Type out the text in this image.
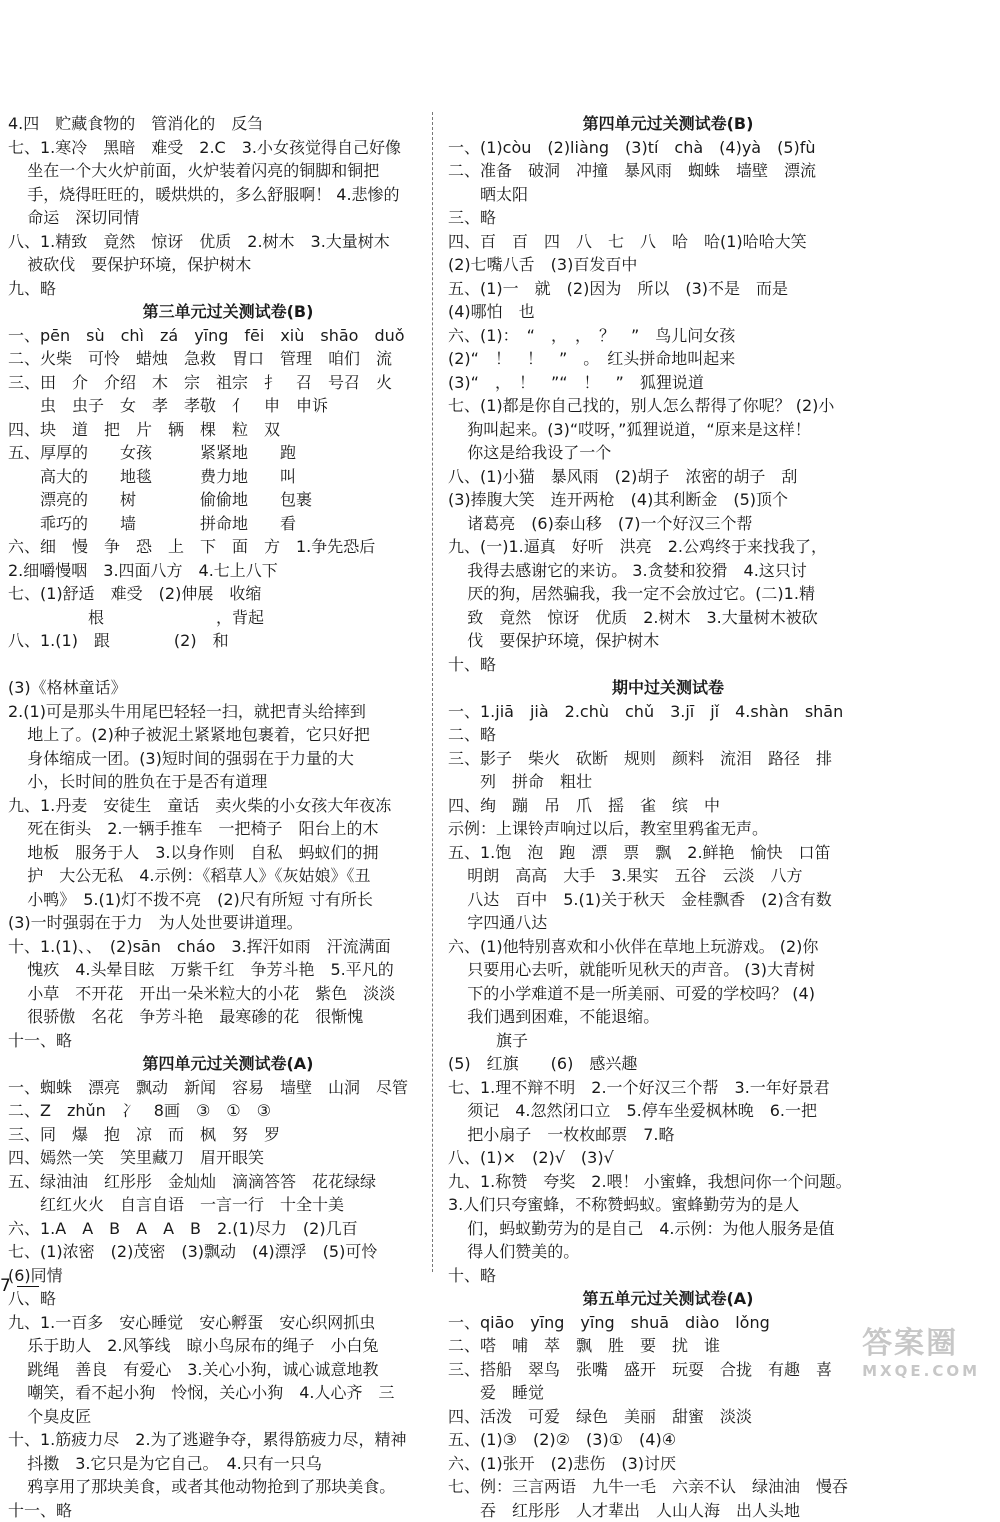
4.四　贮藏食物的　管消化的　反刍
七、1.寒冷　黑暗　难受　2.C　3.小女孩觉得自己好像
坐在一个大火炉前面，火炉装着闪亮的铜脚和铜把
手，烧得旺旺的，暖烘烘的，多么舒服啊！ 4.悲惨的
命运　深切同情
八、1.精致　竟然　惊讶　优质　2.树木　3.大量树木
被砍伐　要保护环境，保护树木
九、略
第三单元过关测试卷(B)
一、pēn　sù　chì　zá　yīng　fēi　xiù　shāo　duǒ
二、火柴　可怜　蜡烛　急救　胃口　管理　咱们　流
三、田　介　介绍　木　宗　祖宗　扌　召　号召　火
　　虫　虫子　女　孝　孝敬　亻　申　申诉
四、块　道　把　片　辆　棵　粒　双
五、厚厚的　　女孩　　　紧紧地　　跑
　　高大的　　地毯　　　费力地　　叫
　　漂亮的　　树　　　　偷偷地　　包裹
　　乖巧的　　墙　　　　拼命地　　看
六、细　慢　争　恐　上　下　面　方　1.争先恐后
2.细嚼慢咽　3.四面八方　4.七上八下
七、(1)舒适　难受　(2)伸展　收缩
　　　　　根　　　　　　　，背起
八、1.(1)　跟　　　　(2)　和
(3)《格林童话》
2.(1)可是那头牛用尾巴轻轻一扫，就把青头给摔到
地上了。(2)种子被泥土紧紧地包裹着，它只好把
身体缩成一团。(3)短时间的强弱在于力量的大
小，长时间的胜负在于是否有道理
九、1.丹麦　安徒生　童话　卖火柴的小女孩大年夜冻
死在街头　2.一辆手推车　一把椅子　阳台上的木
地板　服务于人　3.以身作则　自私　蚂蚁们的拥
护　大公无私　4.示例：《稻草人》《灰姑娘》《丑
小鸭》　5.(1)灯不拨不亮　(2)尺有所短 寸有所长
(3)一时强弱在于力　为人处世要讲道理。
十、1.(1)、、　(2)sān　cháo　3.挥汗如雨　汗流满面
愧疚　4.头晕目眩　万紫千红　争芳斗艳　5.平凡的
小草　不开花　开出一朵米粒大的小花　紫色　淡淡
很骄傲　名花　争芳斗艳　最寒碜的花　很惭愧
十一、略
第四单元过关测试卷(A)
一、蜘蛛　漂亮　飘动　新闻　容易　墙壁　山洞　尽管
二、Z　zhǔn　冫　8画　③　①　③
三、同　爆　抱　凉　而　枫　努　罗
四、嫣然一笑　笑里藏刀　眉开眼笑
五、绿油油　红彤彤　金灿灿　滴滴答答　花花绿绿
　　红红火火　自言自语　一言一行　十全十美
六、1.A　A　B　A　A　B　2.(1)尽力　(2)几百
七、(1)浓密　(2)茂密　(3)飘动　(4)漂浮　(5)可怜
(6)同情
八、略
九、1.一百多　安心睡觉　安心孵蛋　安心织网抓虫
乐于助人　2.风筝线　晾小鸟尿布的绳子　小白兔
跳绳　善良　有爱心　3.关心小狗，诚心诚意地教
嘲笑，看不起小狗　怜悯，关心小狗　4.人心齐　三
个臭皮匠
十、1.筋疲力尽　2.为了逃避争夺，累得筋疲力尽，精神
抖擞　3.它只是为它自己。　4.只有一只乌
鸦享用了那块美食，或者其他动物抢到了那块美食。
十一、略
第四单元过关测试卷(B)
一、(1)còu　(2)liàng　(3)tí　chà　(4)yà　(5)fù
二、准备　破洞　冲撞　暴风雨　蜘蛛　墙壁　漂流
　　晒太阳
三、略
四、百　百　四　八　七　八　哈　哈(1)哈哈大笑
(2)七嘴八舌　(3)百发百中
五、(1)一　就　(2)因为　所以　(3)不是　而是
(4)哪怕　也
六、(1)：　“　，　，　？　”　鸟儿问女孩
(2)“　！　！　”　。　红头拼命地叫起来
(3)“　，　！　”“　！　”　狐狸说道
七、(1)都是你自己找的，别人怎么帮得了你呢？ (2)小
狗叫起来。(3)“哎呀，”狐狸说道，“原来是这样！
你这是给我设了一个
八、(1)小猫　暴风雨　(2)胡子　浓密的胡子　刮
(3)捧腹大笑　连开两枪　(4)其利断金　(5)顶个
诸葛亮　(6)泰山移　(7)一个好汉三个帮
九、(一)1.逼真　好听　洪亮　2.公鸡终于来找我了，
我得去感谢它的来访。 3.贪婪和狡猾　4.这只讨
厌的狗，居然骗我，我一定不会放过它。(二)1.精
致　竟然　惊讶　优质　2.树木　3.大量树木被砍
伐　要保护环境，保护树木
十、略
期中过关测试卷
一、1.jiā　jià　2.chù　chǔ　3.jī　jǐ　4.shàn　shān
二、略
三、影子　柴火　砍断　规则　颜料　流泪　路径　排
　　列　拼命　粗壮
四、绚　蹦　吊　爪　摇　雀　缤　中
示例：上课铃声响过以后，教室里鸦雀无声。
五、1.饱　泡　跑　漂　票　飘　2.鲜艳　愉快　口笛
明朗　高高　大手　3.果实　五谷　云淡　八方
八达　百中　5.(1)关于秋天　金桂飘香　(2)含有数
字四通八达
六、(1)他特别喜欢和小伙伴在草地上玩游戏。 (2)你
只要用心去听，就能听见秋天的声音。 (3)大青树
下的小学难道不是一所美丽、可爱的学校吗？ (4)
我们遇到困难，不能退缩。
　　　旗子
(5)　红旗　　(6)　感兴趣
七、1.理不辩不明　2.一个好汉三个帮　3.一年好景君
须记　4.忽然闭口立　5.停车坐爱枫林晚　6.一把
把小扇子　一枚枚邮票　7.略
八、(1)×　(2)√　(3)√
九、1.称赞　夸奖　2.喂！ 小蜜蜂，我想问你一个问题。
3.人们只夸蜜蜂，不称赞蚂蚁。蜜蜂勤劳为的是人
们，蚂蚁勤劳为的是自己　4.示例：为他人服务是值
得人们赞美的。
十、略
第五单元过关测试卷(A)
一、qiāo　yīng　yīng　shuā　diào　lǒng
二、嗒　哺　萃　飘　胜　要　扰　谁
三、搭船　翠鸟　张嘴　盛开　玩耍　合拢　有趣　喜
　　爱　睡觉
四、活泼　可爱　绿色　美丽　甜蜜　淡淡
五、(1)③　(2)②　(3)①　(4)④
六、(1)张开　(2)悲伤　(3)讨厌
七、例：三言两语　九牛一毛　六亲不认　绿油油　慢吞
　　吞　红彤彤　人才辈出　人山人海　出人头地
7
答案圈
MXQE.COM
